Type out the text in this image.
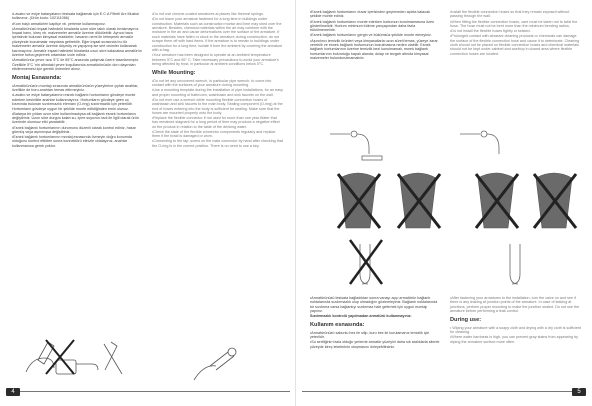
•Lavabo ve eviye bataryalarını tesisata bağlamak için E.C.A Filtreli Arx Musluk kullanınız. (Ürün kodu: 102111066)

•Kom başlı armatürleri kapitçe vb. yerlerde kullanmayınız.

•Armatürünüzü inşaat halindeki binalarda uzun süre takılı olarak bırakmayınız. İnşaat harcı, kireç vb. malzemeler armatür üzerine dökülebilir. Ayrıca hava içerisinde bulunan kimyasal maddeler, havanın nemi ile birleşerek armatür yüzeyinde bozulmalar meydana getirebilir. Eğer inşaat sırasında bu tür malzemeler armatür üzerine düşmüş ve yapışmış ise sert cisimler kullanarak kazımayınız. Armatür inşaat halindeki binalarda uzun süre kalacaksa armatürün üzerine torba geçirerek ortamdan izole ediniz.

•Armatürünüz çevre ısısı 5°C ile 65°C arasında çalışmak üzere tasarlanmıştır. Özellikle 5°C 'nin altındaki çevre koşullarında armatürünüzün don olayından etkilenmemesi için gerekli önlemleri alınız.

Montaj Esnasında:

•Armatürünüzün montajı sırasında armatürünüzün yüzeylerine çıplak anahtar, özellikle de boru anahtarı temas ettirmeyiniz.

•Lavabo ve eviye bataryalarının esnek bağlantı hortumlarını gövdeye monte ederken kesinlikle anahtar kullanmayınız. Hortumların gövdeye giren uç kısmında bulunan sızdırmazlık elemanı (O-ring) sızdırmazlık için yeterlidir. Hortumların gövdeye uygun bir şekilde monte edildiğinden emin olunuz.

•Batarya bir yıldan uzun süre kullanılmadıysa ait bağlantı esnek hortumlarını değiştiriniz. Uzun süre durgun kalan su, içme suyunun tadı ile ilgili olarak ürün üzerinde olumsuz etki yaratabilir.

•Esnek bağlantı hortumlarının durumunu düzenli olarak kontrol ediniz, hasar görmüş veya aşınmışsa değiştiriniz.

•Esnek bağlantı hortumlarının montaj esnasında övmeyin doğru konumda olduğunu kontrol ettikten sonra konnektörü elinizle vidalayınız, anahtar kullanmanıza gerek yoktur.

•Do not use chrome-coated armatures at places like thermal springs.

•Do not leave your armature fastened for a long time in buildings under construction. Materials such as construction mortar and lime may shed over the armature. Besides, chemical materials within the air may combine with the moisture in the air and cause deformations over the surface of the armature. If such materials have fallen or stuck to the armature during construction, do not scrape them off with hard items. If the armature is to remain in buildings under construction for a long time, isolate it from the ambient by covering the armature with a bag.

•Your armature has been designed to operate at an ambient temperature between 5°C and 65° C. Take necessary precautions to avoid your armature's being affected by frost, in particular at ambient conditions below 5°C.

While Mounting:

•Do not let any uncovered wrench, in particular pipe wrench, to come into contact with the surfaces of your armature during mounting.

•Use a mounting template during the installation of pipe installations, for an easy and proper mounting of bathroom, washbasin and sink faucets on the wall.

•Do not ever use a wrench while mounting flexible connection hoses of washbasin and sink faucets to the main body. Sealing component (O-ring) at the end of hoses entering into the body is sufficient for sealing. Make sure that the hoses are mounted properly onto the body.

•Replace the flexible connector if not used for more than one year.Water that has remained stagnant for a long period of time may produce a negative effect on the product in relation to the taste of the drinking water.

•Check the state of the flexible connector components regularly and replace them if the braid is damaged or worn.

•Connecting to the tap: screw on the male connector by hand after checking that the O-ring is in the correct position. There is no need to use a key.

4

•Esnek bağlantı hortumlarını duvar içerisinden geçirmeden açıkta kalacak şekilde monte ediniz.

•Esnek bağlantı hortumlarını monte ederken hortumun burulmamasına özen gösterilmelidir. Hortum minimum bükme yarıçapından daha fazla bükülmemelidir.

•Esnek bağlantı hortumlarını gergin ve bükümsüz şekilde monte etmeyiniz.

•Aşındırıcı temizlik ürünleri veya kimyasallarla uzun süreli temas, yüzeye zarar verebilir ve esnek bağlantı hortumunun bozulmasına neden olabilir. Esnek bağlantı hortumlarının üzerine temizlik bezi konulmamalı, esnek bağlantı hortumlarının bulunduğu kapalı alanda; dolap ve tezgah altında kimyasal malzemeler bulundurulmamalıdır.

•Install the flexible connection hoses so that they remain exposed without passing through the wall.

•When fitting the flexible connection hoses, care must be taken not to twist the hose. The hose must not be bent more than the minimum bending radius.

•Do not install the flexible hoses tightly or twisted.

•Prolonged contact with abrasive cleaning products or chemicals can damage the surface of the flexible connection hose and cause it to deteriorate. Cleaning cloth should not be placed on flexible connection hoses and chemical materials should not be kept under cabinet and worktop in closed area where flexible connection hoses are located.

•Armatürünüzü tesisata bağladıktan sonra vanayı açıp armatürün bağlantı noktalarında sızdırmazlık olup olmadığını gözlemleyiniz. Bağlantı noktalarında bir sızdırma varsa bağlantıyı sızdırmaz hale getirmek için uygun montajı yapınız.

Sızdırmazlık kontrolü yapılmadan armatürü kullanmayınız.

Kullanım esnasında:

•Armatürünüzü sabunlu bez ile silip, kuru bez ile kurulamanız temizlik için yeterlidir.

•Su sertliğinin fazla olduğu yerlerde armatür yüzeyini daha sık aralıklarla silerek yüzeyde kireç lekelerinin oluşmasını önleyebilirsiniz.

•After fastening your armatures to the installation, turn the valve on and see if there is any leaking at junction points of the armature. In case of leaking at junctions, perform proper mounting to make the junction sealed. Do not use the armature before performing a leak control.

During use:

• Wiping your armature with a soapy cloth and drying with a dry cloth is sufficient for cleaning.

•Where water hardness is high, you can prevent gray stains from appearing by wiping the armature surface more often.

5
